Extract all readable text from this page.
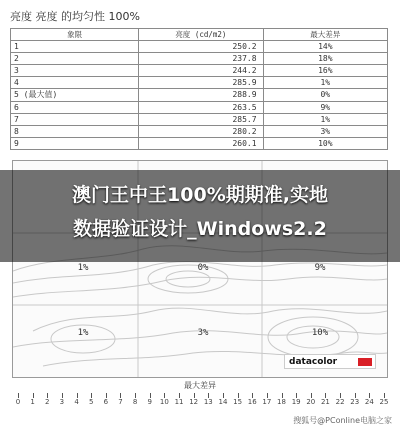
亮度 亮度 的均匀性 100%
象限	亮度 (cd/m2)	最大差异
1	250.2	14%
2	237.8	18%
3	244.2	16%
4	285.9	1%
5 (最大值)	288.9	0%
6	263.5	9%
7	285.7	1%
8	280.2	3%
9	260.1	10%
1%	0%	9%
1%	3%	10%
澳门王中王100%期期准,实地
数据验证设计_Windows2.2
datacolor
最大差异
0 1 2 3 4 5 6 7 8 9 10 11 12 13 14 15 16 17 18 19 20 21 22 23 24 25
搜狐号@PConline电脑之家
